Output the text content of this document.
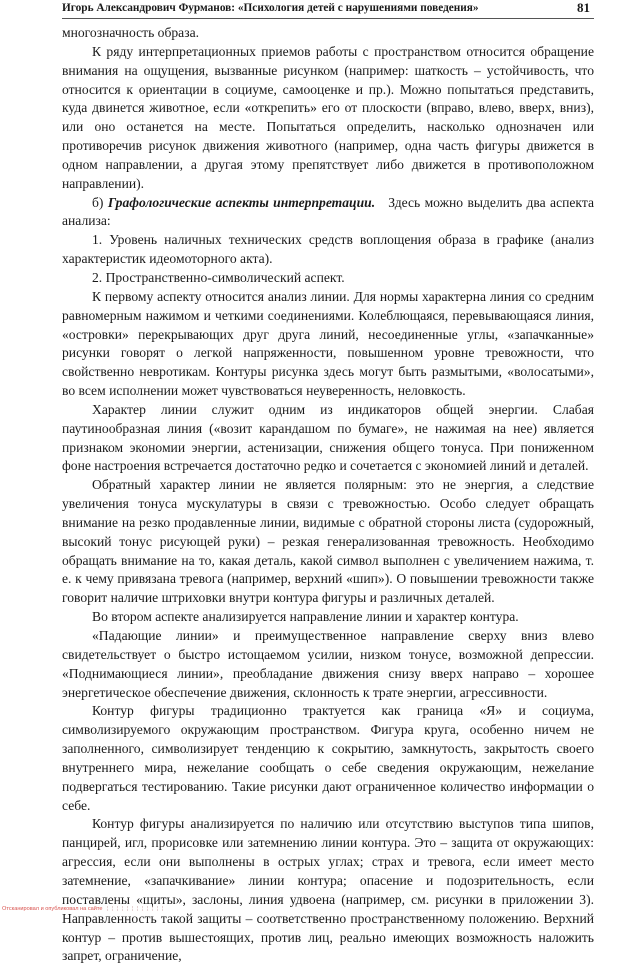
Игорь Александрович Фурманов: «Психология детей с нарушениями поведения»	81

многозначность образа.

К ряду интерпретационных приемов работы с пространством относится обращение внимания на ощущения, вызванные рисунком (например: шаткость – устойчивость, что относится к ориентации в социуме, самооценке и пр.). Можно попытаться представить, куда двинется животное, если «открепить» его от плоскости (вправо, влево, вверх, вниз), или оно останется на месте. Попытаться определить, насколько однозначен или противоречив рисунок движения животного (например, одна часть фигуры движется в одном направлении, а другая этому препятствует либо движется в противоположном направлении).

б) Графологические аспекты интерпретации. Здесь можно выделить два аспекта анализа:

1. Уровень наличных технических средств воплощения образа в графике (анализ характеристик идеомоторного акта).

2. Пространственно-символический аспект.

К первому аспекту относится анализ линии. Для нормы характерна линия со средним равномерным нажимом и четкими соединениями. Колеблющаяся, перевывающаяся линия, «островки» перекрывающих друг друга линий, несоединенные углы, «запачканные» рисунки говорят о легкой напряженности, повышенном уровне тревожности, что свойственно невротикам. Контуры рисунка здесь могут быть размытыми, «волосатыми», во всем исполнении может чувствоваться неуверенность, неловкость.

Характер линии служит одним из индикаторов общей энергии. Слабая паутинообразная линия («возит карандашом по бумаге», не нажимая на нее) является признаком экономии энергии, астенизации, снижения общего тонуса. При пониженном фоне настроения встречается достаточно редко и сочетается с экономией линий и деталей.

Обратный характер линии не является полярным: это не энергия, а следствие увеличения тонуса мускулатуры в связи с тревожностью. Особо следует обращать внимание на резко продавленные линии, видимые с обратной стороны листа (судорожный, высокий тонус рисующей руки) – резкая генерализованная тревожность. Необходимо обращать внимание на то, какая деталь, какой символ выполнен с увеличением нажима, т. е. к чему привязана тревога (например, верхний «шип»). О повышении тревожности также говорит наличие штриховки внутри контура фигуры и различных деталей.

Во втором аспекте анализируется направление линии и характер контура.

«Падающие линии» и преимущественное направление сверху вниз влево свидетельствует о быстро истощаемом усилии, низком тонусе, возможной депрессии. «Поднимающиеся линии», преобладание движения снизу вверх направо – хорошее энергетическое обеспечение движения, склонность к трате энергии, агрессивности.

Контур фигуры традиционно трактуется как граница «Я» и социума, символизируемого окружающим пространством. Фигура круга, особенно ничем не заполненного, символизирует тенденцию к сокрытию, замкнутость, закрытость своего внутреннего мира, нежелание сообщать о себе сведения окружающим, нежелание подвергаться тестированию. Такие рисунки дают ограниченное количество информации о себе.

Контур фигуры анализируется по наличию или отсутствию выступов типа шипов, панцирей, игл, прорисовке или затемнению линии контура. Это – защита от окружающих: агрессия, если они выполнены в острых углах; страх и тревога, если имеет место затемнение, «запачкивание» линии контура; опасение и подозрительность, если поставлены «щиты», заслоны, линия удвоена (например, см. рисунки в приложении 3). Направленность такой защиты – соответственно пространственному положению. Верхний контур – против вышестоящих, против лиц, реально имеющих возможность наложить запрет, ограничение,

Отсканировал и опубликовал на сайте ¦ ¦ ¦ ¦ ¦ ¦ ¦ ¦ ¦ ¦ ¦ ¦
